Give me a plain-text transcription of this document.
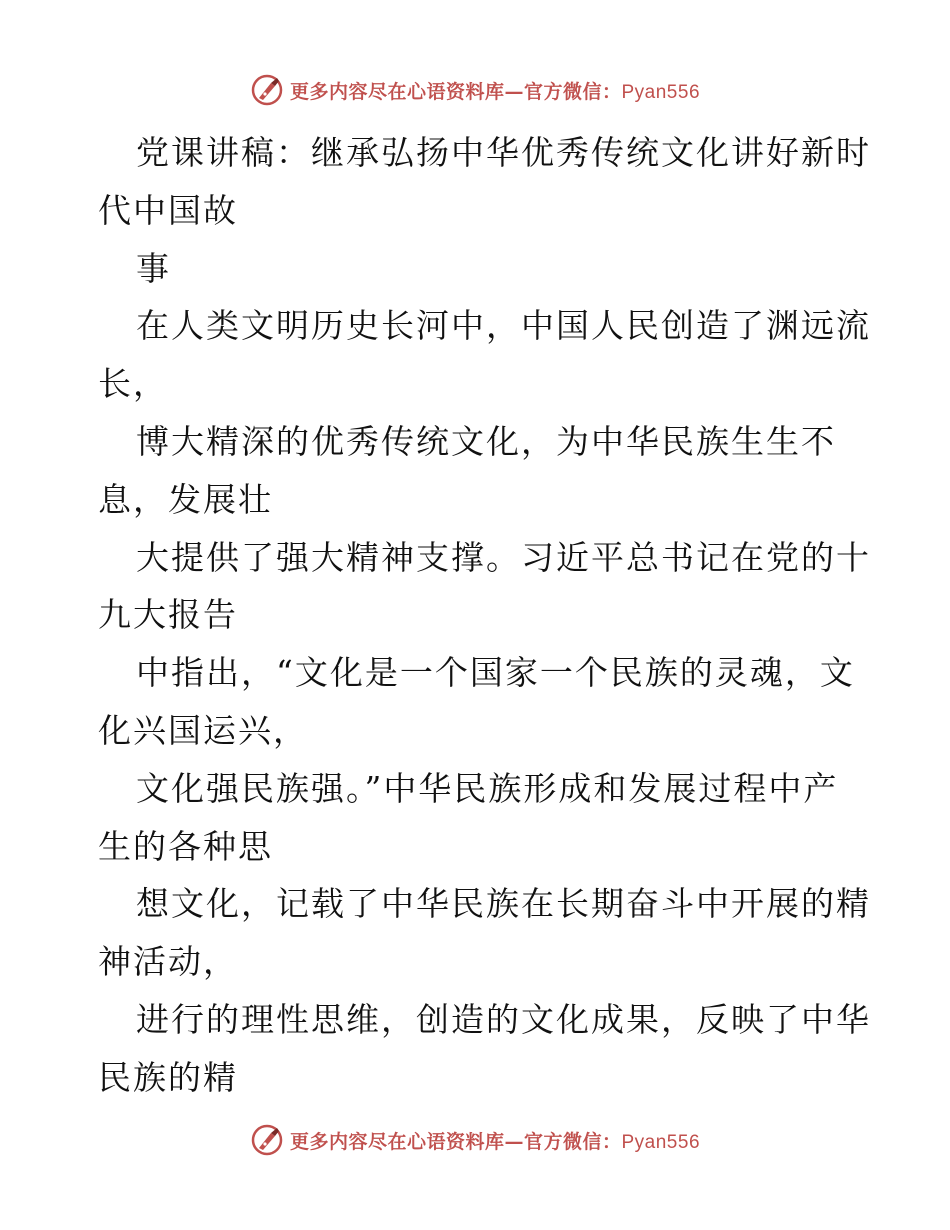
更多内容尽在心语资料库—官方微信：Pyan556
党课讲稿：继承弘扬中华优秀传统文化讲好新时
代中国故
事
在人类文明历史长河中，中国人民创造了渊远流
长，
博大精深的优秀传统文化，为中华民族生生不
息，发展壮
大提供了强大精神支撑。习近平总书记在党的十
九大报告
中指出，“文化是一个国家一个民族的灵魂，文
化兴国运兴，
文化强民族强。”中华民族形成和发展过程中产
生的各种思
想文化，记载了中华民族在长期奋斗中开展的精
神活动，
进行的理性思维，创造的文化成果，反映了中华
民族的精
更多内容尽在心语资料库—官方微信：Pyan556
